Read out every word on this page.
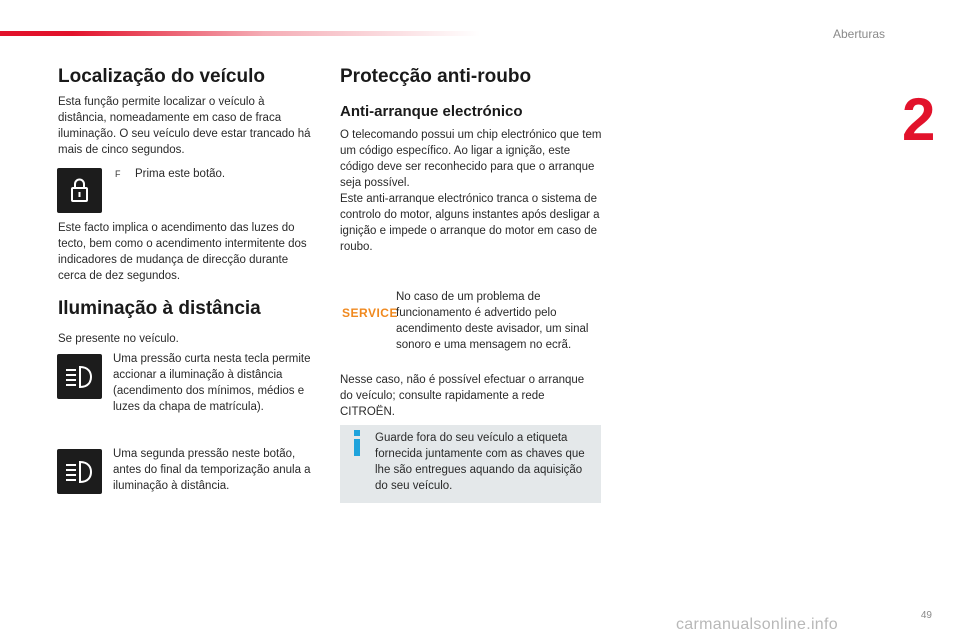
Aberturas
2
Localização do veículo

Esta função permite localizar o veículo à distância, nomeadamente em caso de fraca iluminação. O seu veículo deve estar trancado há mais de cinco segundos.

F Prima este botão.

Este facto implica o acendimento das luzes do tecto, bem como o acendimento intermitente dos indicadores de mudança de direcção durante cerca de dez segundos.

Iluminação à distância

Se presente no veículo.

Uma pressão curta nesta tecla permite accionar a iluminação à distância (acendimento dos mínimos, médios e luzes da chapa de matrícula).

Uma segunda pressão neste botão, antes do final da temporização anula a iluminação à distância.

Protecção anti-roubo
Anti-arranque electrónico

O telecomando possui um chip electrónico que tem um código específico. Ao ligar a ignição, este código deve ser reconhecido para que o arranque seja possível.

Este anti-arranque electrónico tranca o sistema de controlo do motor, alguns instantes após desligar a ignição e impede o arranque do motor em caso de roubo.

SERVICE

No caso de um problema de funcionamento é advertido pelo acendimento deste avisador, um sinal sonoro e uma mensagem no ecrã.

Nesse caso, não é possível efectuar o arranque do veículo; consulte rapidamente a rede CITROËN.

Guarde fora do seu veículo a etiqueta fornecida juntamente com as chaves que lhe são entregues aquando da aquisição do seu veículo.

49
carmanualsonline.info
